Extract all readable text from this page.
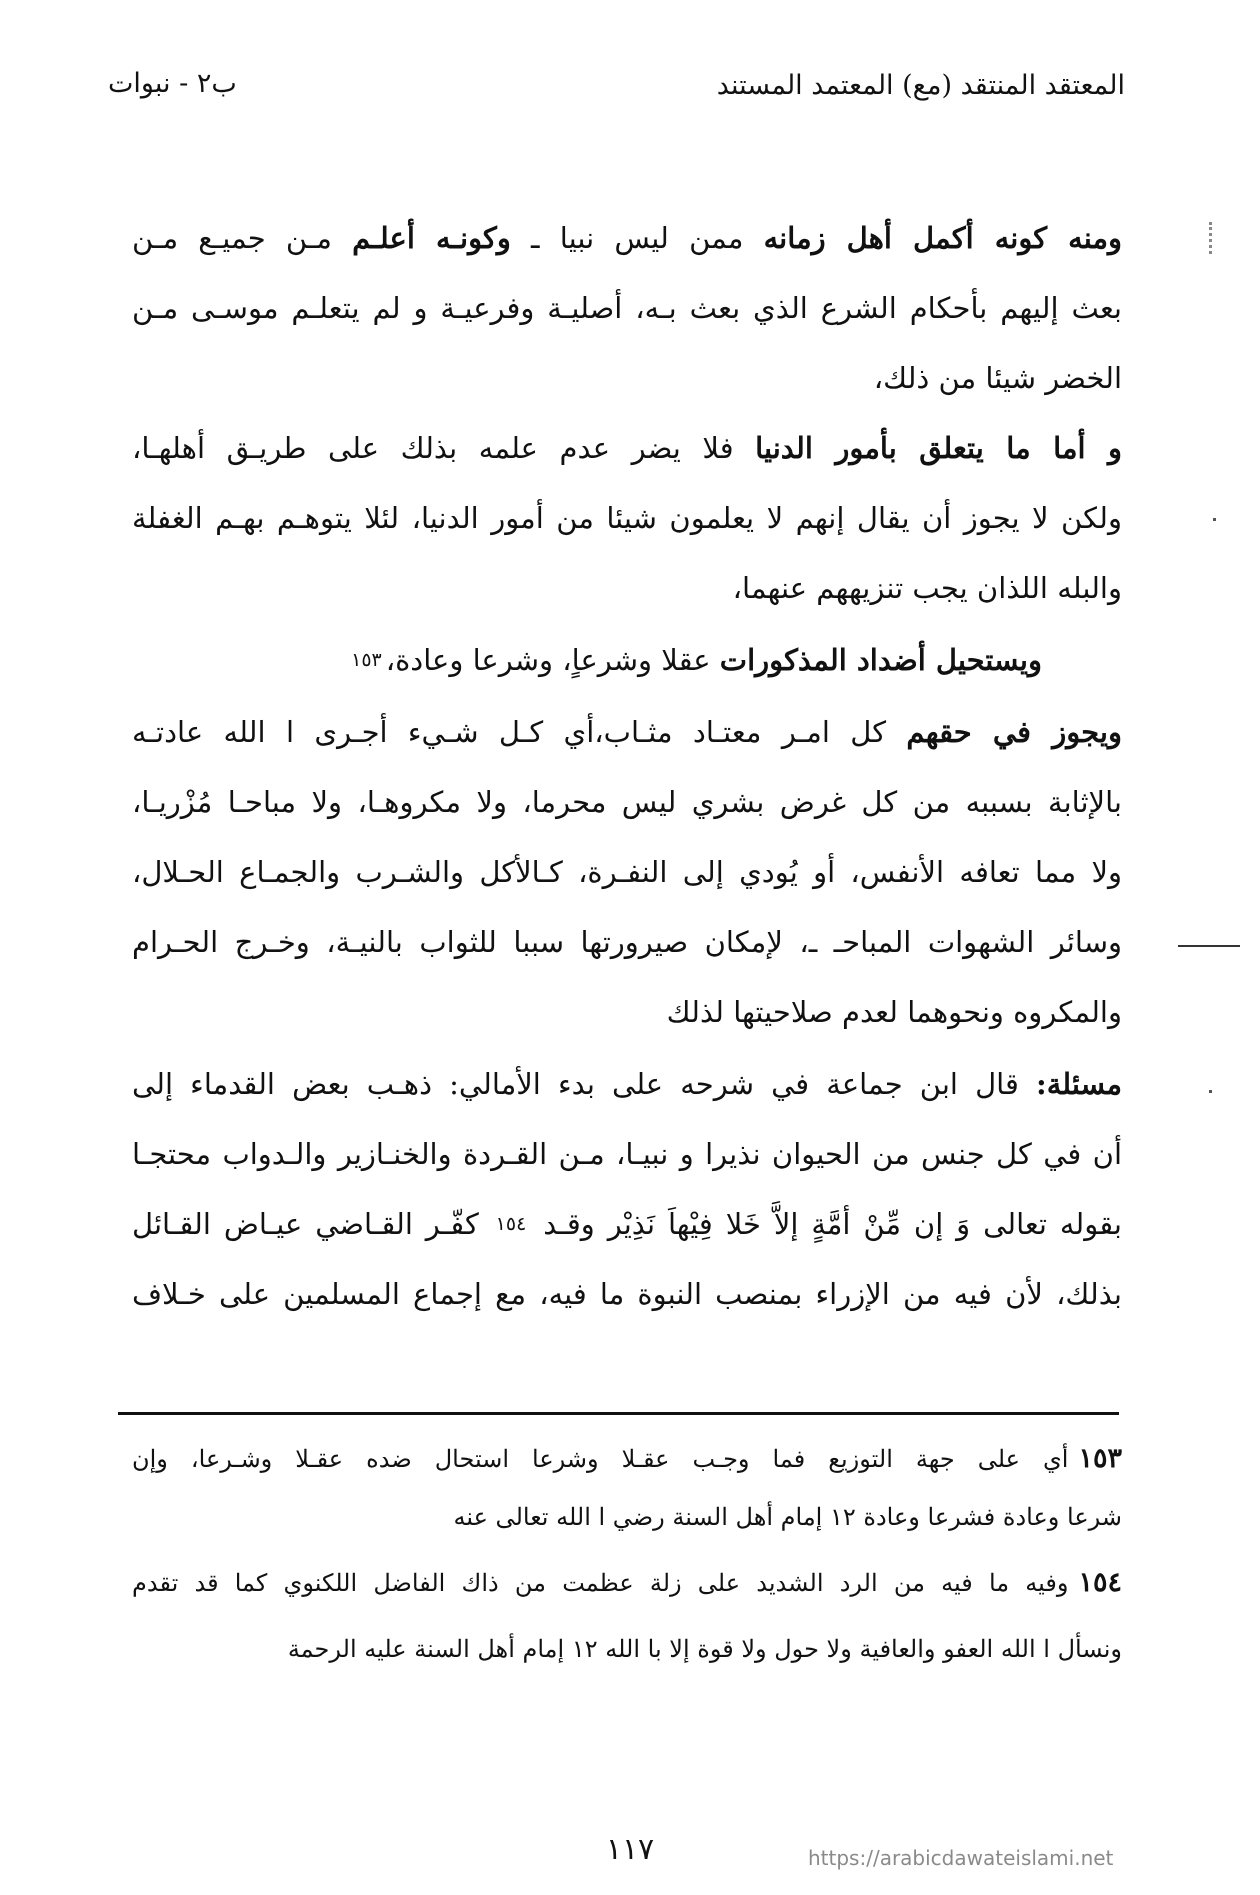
المعتقد المنتقد (مع) المعتمد المستند
ب٢ - نبوات
ومنه كونه أكمل أهل زمانه ممن ليس نبيا ـ وكونـه أعلـم مـن جميـع مـن
بعث إليهم بأحكام الشرع الذي بعث بـه، أصليـة وفرعيـة و لم يتعلـم موسـى مـن
الخضر شيئا من ذلك،
و أما ما يتعلق بأمور الدنيا فلا يضر عدم علمه بذلك على طريـق أهلهـا،
ولكن لا يجوز أن يقال إنهم لا يعلمون شيئا من أمور الدنيا، لئلا يتوهـم بهـم الغفلة
والبله اللذان يجب تنزيههم عنهما،
ويستحيل أضداد المذكورات عقلا وشرعاٍ، وشرعا وعادة،١٥٣
ويجوز في حقهم كل امـر معتـاد مثـاب،أي كـل شـيء أجـرى ا الله عادتـه
بالإثابة بسببه من كل غرض بشري ليس محرما، ولا مكروهـا، ولا مباحـا مُزْريـا،
ولا مما تعافه الأنفس، أو يُودي إلى النفـرة، كـالأكل والشـرب والجمـاع الحـلال،
وسائر الشهوات المباحـ ـ، لإمكان صيرورتها سببا للثواب بالنيـة، وخـرج الحـرام
والمكروه ونحوهما لعدم صلاحيتها لذلك
مسئلة: قال ابن جماعة في شرحه على بدء الأمالي: ذهـب بعض القدماء إلى
أن في كل جنس من الحيوان نذيرا و نبيـا، مـن القـردة والخنـازير والـدواب محتجـا
بقوله تعالى وَ إن مِّنْ أمَّةٍ إلاَّ خَلا فِيْهاَ نَذِيْر وقـد ١٥٤ كفّـر القـاضي عيـاض القـائل
بذلك، لأن فيه من الإزراء بمنصب النبوة ما فيه، مع إجماع المسلمين على خـلاف
١٥٣أي على جهة التوزيع فما وجـب عقـلا وشرعا استحال ضده عقـلا وشـرعا، وإن
شرعا وعادة فشرعا وعادة ١٢ إمام أهل السنة رضي ا الله تعالى عنه
١٥٤وفيه ما فيه من الرد الشديد على زلة عظمت من ذاك الفاضل اللكنوي كما قد تقدم
ونسأل ا الله العفو والعافية ولا حول ولا قوة إلا با الله ١٢ إمام أهل السنة عليه الرحمة
١١٧	https://arabicdawateislami.net
